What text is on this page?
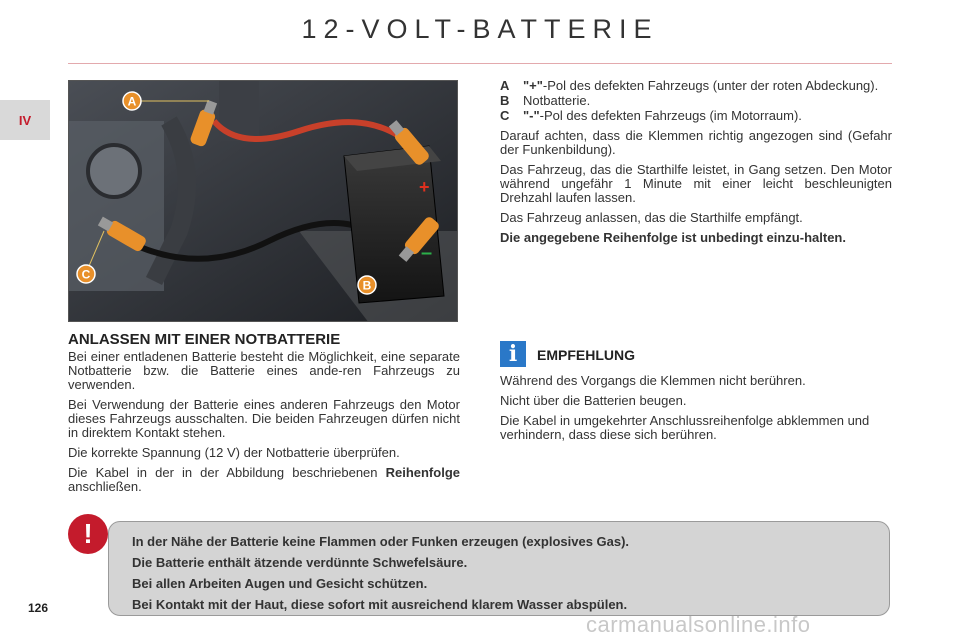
12-VOLT-BATTERIE
IV
+
–
A
C
B
A	"+"-Pol des defekten Fahrzeugs (unter der roten Abdeckung).
B	Notbatterie.
C	"-"-Pol des defekten Fahrzeugs (im Motorraum).

Darauf achten, dass die Klemmen richtig angezogen sind (Gefahr der Funkenbildung).

Das Fahrzeug, das die Starthilfe leistet, in Gang setzen. Den Motor während ungefähr 1 Minute mit einer leicht beschleunigten Drehzahl laufen lassen.

Das Fahrzeug anlassen, das die Starthilfe empfängt.

Die angegebene Reihenfolge ist unbedingt einzu-halten.

ANLASSEN MIT EINER NOTBATTERIE

Bei einer entladenen Batterie besteht die Möglichkeit, eine separate Notbatterie bzw. die Batterie eines ande-ren Fahrzeugs zu verwenden.

Bei Verwendung der Batterie eines anderen Fahrzeugs den Motor dieses Fahrzeugs ausschalten. Die beiden Fahrzeugen dürfen nicht in direktem Kontakt stehen.

Die korrekte Spannung (12 V) der Notbatterie überprüfen.

Die Kabel in der in der Abbildung beschriebenen Reihenfolge anschließen.

i	EMPFEHLUNG

Während des Vorgangs die Klemmen nicht berühren.

Nicht über die Batterien beugen.

Die Kabel in umgekehrter Anschlussreihenfolge abklemmen und verhindern, dass diese sich berühren.

!	In der Nähe der Batterie keine Flammen oder Funken erzeugen (explosives Gas).

Die Batterie enthält ätzende verdünnte Schwefelsäure.

Bei allen Arbeiten Augen und Gesicht schützen.

Bei Kontakt mit der Haut, diese sofort mit ausreichend klarem Wasser abspülen.

126
carmanualsonline.info
